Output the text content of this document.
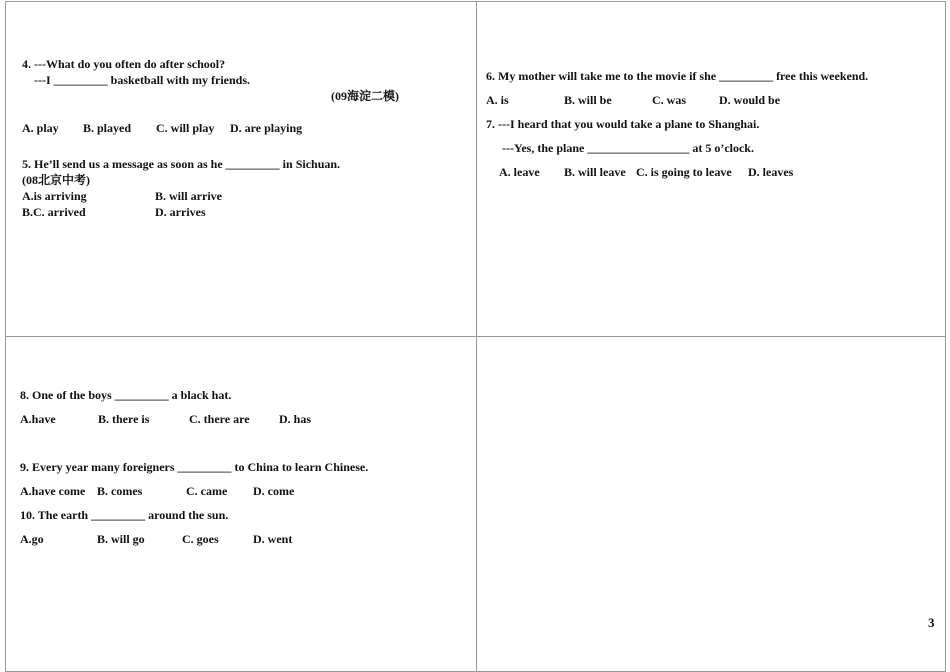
4. ---What do you often do after school?
---I _________ basketball with my friends.
(09海淀二模)
A. play B. played C. will play D. are playing
5. He’ll send us a message as soon as he _________ in Sichuan.
(08北京中考)
A.is arriving	B. will arrive
B.C. arrived	D. arrives
6. My mother will take me to the movie if she _________ free this weekend.
A. is	B. will be	C. was	D. would be
7. ---I heard that you would take a plane to Shanghai.
---Yes, the plane _________________ at 5 o’clock.
A. leave B. will leave C. is going to leave D. leaves
8. One of the boys _________ a black hat.
A.have	B. there is	C. there are D. has
9. Every year many foreigners _________ to China to learn Chinese.
A.have come B. comes	C. came D. come
10. The earth _________ around the sun.
A.go	B. will go	C. goes	D. went
3
